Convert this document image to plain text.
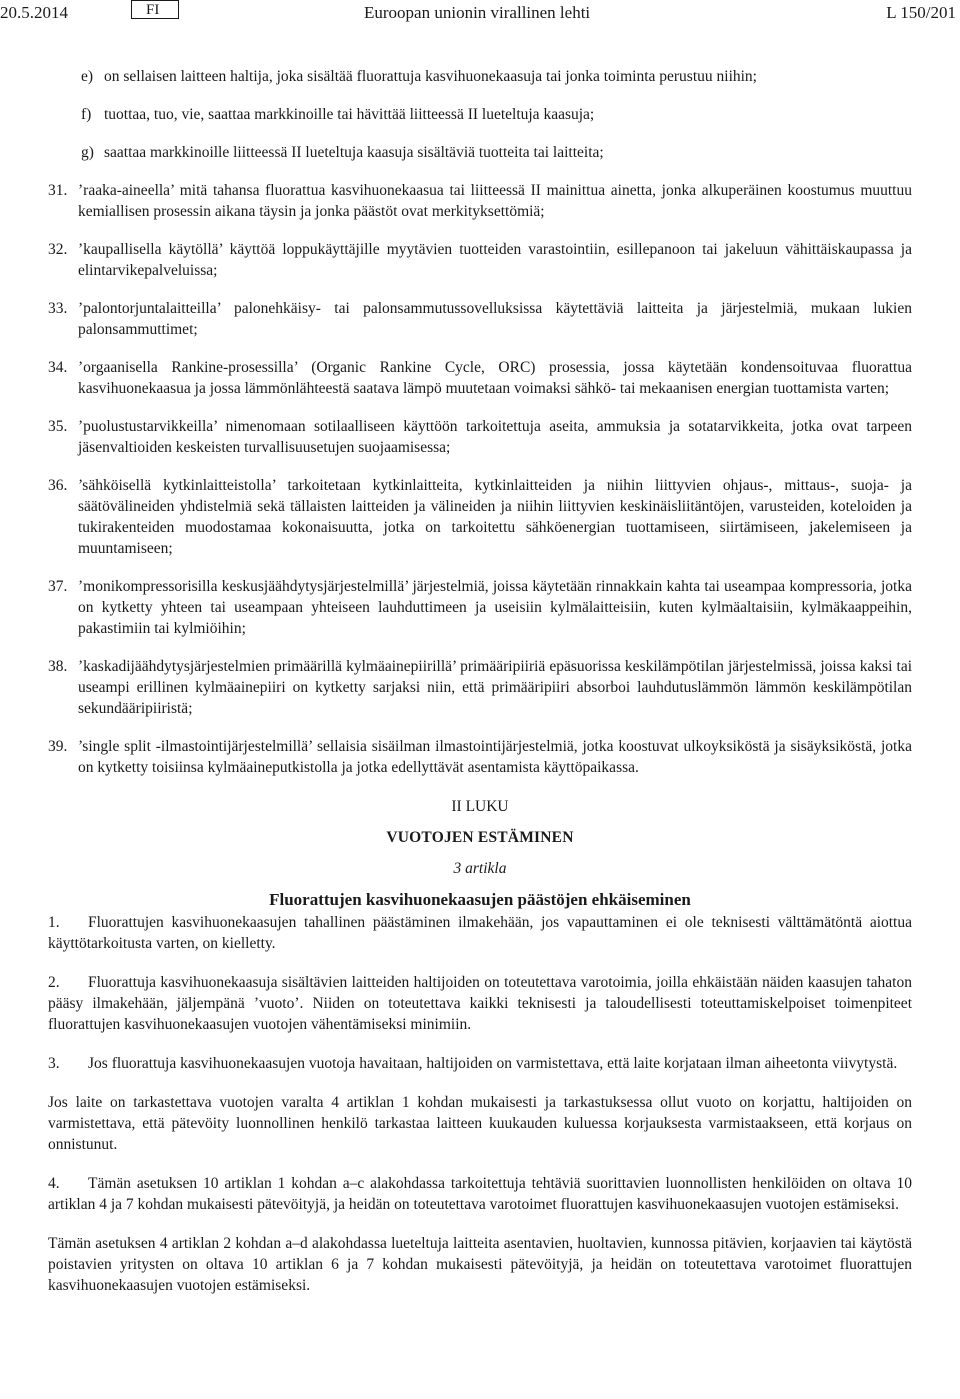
20.5.2014	FI	Euroopan unionin virallinen lehti	L 150/201
e) on sellaisen laitteen haltija, joka sisältää fluorattuja kasvihuonekaasuja tai jonka toiminta perustuu niihin;
f) tuottaa, tuo, vie, saattaa markkinoille tai hävittää liitteessä II lueteltuja kaasuja;
g) saattaa markkinoille liitteessä II lueteltuja kaasuja sisältäviä tuotteita tai laitteita;
31. ’raaka-aineella’ mitä tahansa fluorattua kasvihuonekaasua tai liitteessä II mainittua ainetta, jonka alkuperäinen koostumus muuttuu kemiallisen prosessin aikana täysin ja jonka päästöt ovat merkityksettömiä;
32. ’kaupallisella käytöllä’ käyttöä loppukäyttäjille myytävien tuotteiden varastointiin, esillepanoon tai jakeluun vähittäiskaupassa ja elintarvikepalveluissa;
33. ’palontorjuntalaitteilla’ palonehkäisy- tai palonsammutussovelluksissa käytettäviä laitteita ja järjestelmiä, mukaan lukien palonsammuttimet;
34. ’orgaanisella Rankine-prosessilla’ (Organic Rankine Cycle, ORC) prosessia, jossa käytetään kondensoituvaa fluorattua kasvihuonekaasua ja jossa lämmönlähteestä saatava lämpö muutetaan voimaksi sähkö- tai mekaanisen energian tuottamista varten;
35. ’puolustustarvikkeilla’ nimenomaan sotilaalliseen käyttöön tarkoitettuja aseita, ammuksia ja sotatarvikkeita, jotka ovat tarpeen jäsenvaltioiden keskeisten turvallisuusetujen suojaamisessa;
36. ’sähköisellä kytkinlaitteistolla’ tarkoitetaan kytkinlaitteita, kytkinlaitteiden ja niihin liittyvien ohjaus-, mittaus-, suoja- ja säätövälineiden yhdistelmiä sekä tällaisten laitteiden ja välineiden ja niihin liittyvien keskinäisliitäntöjen, varusteiden, koteloiden ja tukirakenteiden muodostamaa kokonaisuutta, jotka on tarkoitettu sähköenergian tuottamiseen, siirtämiseen, jakelemiseen ja muuntamiseen;
37. ’monikompressorisilla keskusjäähdytysjärjestelmillä’ järjestelmiä, joissa käytetään rinnakkain kahta tai useampaa kompressoria, jotka on kytketty yhteen tai useampaan yhteiseen lauhduttimeen ja useisiin kylmälaitteisiin, kuten kylmäaltaisiin, kylmäkaappeihin, pakastimiin tai kylmiöihin;
38. ’kaskadijäähdytysjärjestelmien primäärillä kylmäainepiirillä’ primääripiiriä epäsuorissa keskilämpötilan järjestelmissä, joissa kaksi tai useampi erillinen kylmäainepiiri on kytketty sarjaksi niin, että primääripiiri absorboi lauhdutuslämmön lämmön keskilämpötilan sekundääripiiristä;
39. ’single split -ilmastointijärjestelmillä’ sellaisia sisäilman ilmastointijärjestelmiä, jotka koostuvat ulkoyksiköstä ja sisäyksiköstä, jotka on kytketty toisiinsa kylmäaineputkistolla ja jotka edellyttävät asentamista käyttöpaikassa.
II LUKU
VUOTOJEN ESTÄMINEN
3 artikla
Fluorattujen kasvihuonekaasujen päästöjen ehkäiseminen
1. Fluorattujen kasvihuonekaasujen tahallinen päästäminen ilmakehään, jos vapauttaminen ei ole teknisesti välttämätöntä aiottua käyttötarkoitusta varten, on kielletty.
2. Fluorattuja kasvihuonekaasuja sisältävien laitteiden haltijoiden on toteutettava varotoimia, joilla ehkäistään näiden kaasujen tahaton pääsy ilmakehään, jäljempänä ’vuoto’. Niiden on toteutettava kaikki teknisesti ja taloudellisesti toteuttamiskelpoiset toimenpiteet fluorattujen kasvihuonekaasujen vuotojen vähentämiseksi minimiin.
3. Jos fluorattuja kasvihuonekaasujen vuotoja havaitaan, haltijoiden on varmistettava, että laite korjataan ilman aiheetonta viivytystä.
Jos laite on tarkastettava vuotojen varalta 4 artiklan 1 kohdan mukaisesti ja tarkastuksessa ollut vuoto on korjattu, haltijoiden on varmistettava, että pätevöity luonnollinen henkilö tarkastaa laitteen kuukauden kuluessa korjauksesta varmistaakseen, että korjaus on onnistunut.
4. Tämän asetuksen 10 artiklan 1 kohdan a–c alakohdassa tarkoitettuja tehtäviä suorittavien luonnollisten henkilöiden on oltava 10 artiklan 4 ja 7 kohdan mukaisesti pätevöityjä, ja heidän on toteutettava varotoimet fluorattujen kasvihuonekaasujen vuotojen estämiseksi.
Tämän asetuksen 4 artiklan 2 kohdan a–d alakohdassa lueteltuja laitteita asentavien, huoltavien, kunnossa pitävien, korjaavien tai käytöstä poistavien yritysten on oltava 10 artiklan 6 ja 7 kohdan mukaisesti pätevöityjä, ja heidän on toteutettava varotoimet fluorattujen kasvihuonekaasujen vuotojen estämiseksi.
